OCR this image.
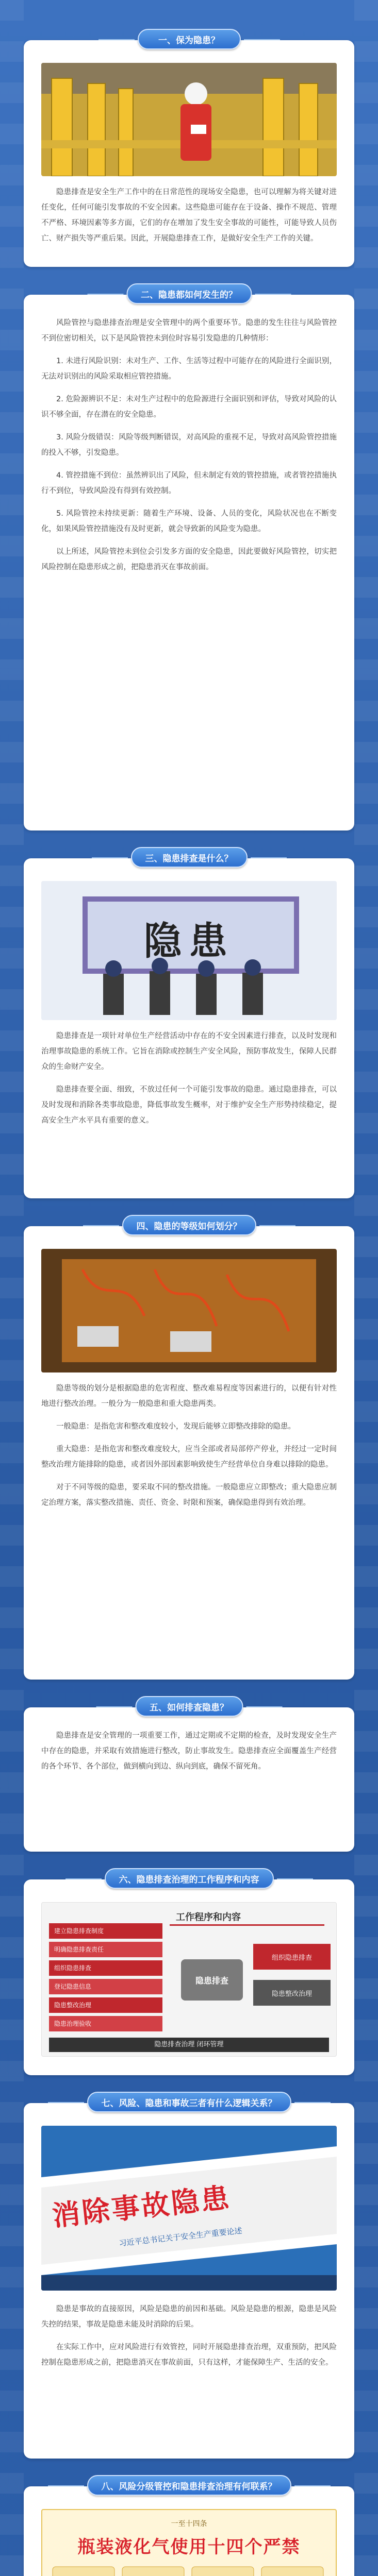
一、保为隐患？

隐患排查是安全生产工作中的在日常范性的现场安全隐患，也可以理解为将关键对进任变化，任何可能引发事故的不安全因素。这些隐患可能存在于设备、操作不规范、管理不严格、环境因素等多方面，它们的存在增加了发生安全事故的可能性，可能导致人员伤亡、财产损失等严重后果。因此，开展隐患排查工作，是做好安全生产工作的关键。

二、隐患都如何发生的？

风险管控与隐患排查治理是安全管理中的两个重要环节。隐患的发生往往与风险管控不到位密切相关，以下是风险管控未到位时容易引发隐患的几种情形：

1. 未进行风险识别：未对生产、工作、生活等过程中可能存在的风险进行全面识别，无法对识别出的风险采取相应管控措施。

2. 危险源辨识不足：未对生产过程中的危险源进行全面识别和评估，导致对风险的认识不够全面，存在潜在的安全隐患。

3. 风险分级错误：风险等级判断错误，对高风险的重视不足，导致对高风险管控措施的投入不够，引发隐患。

4. 管控措施不到位：虽然辨识出了风险，但未制定有效的管控措施，或者管控措施执行不到位，导致风险没有得到有效控制。

5. 风险管控未持续更新：随着生产环境、设备、人员的变化，风险状况也在不断变化，如果风险管控措施没有及时更新，就会导致新的风险变为隐患。

以上所述，风险管控未到位会引发多方面的安全隐患，因此要做好风险管控，切实把风险控制在隐患形成之前，把隐患消灭在事故前面。

三、隐患排查是什么？
隐患

隐患排查是一项针对单位生产经营活动中存在的不安全因素进行排查，以及时发现和治理事故隐患的系统工作。它旨在消除或控制生产安全风险，预防事故发生，保障人民群众的生命财产安全。

隐患排查要全面、细致，不放过任何一个可能引发事故的隐患。通过隐患排查，可以及时发现和消除各类事故隐患，降低事故发生概率，对于维护安全生产形势持续稳定，提高安全生产水平具有重要的意义。

四、隐患的等级如何划分？

隐患等级的划分是根据隐患的危害程度、整改难易程度等因素进行的，以便有针对性地进行整改治理。一般分为一般隐患和重大隐患两类。

一般隐患：是指危害和整改难度较小，发现后能够立即整改排除的隐患。

重大隐患：是指危害和整改难度较大，应当全部或者局部停产停业，并经过一定时间整改治理方能排除的隐患，或者因外部因素影响致使生产经营单位自身难以排除的隐患。

对于不同等级的隐患，要采取不同的整改措施。一般隐患应立即整改；重大隐患应制定治理方案，落实整改措施、责任、资金、时限和预案，确保隐患得到有效治理。

五、如何排查隐患？

隐患排查是安全管理的一项重要工作，通过定期或不定期的检查，及时发现安全生产中存在的隐患，并采取有效措施进行整改，防止事故发生。隐患排查应全面覆盖生产经营的各个环节、各个部位，做到横向到边、纵向到底，确保不留死角。

六、隐患排查治理的工作程序和内容
工作程序和内容
建立隐患排查制度
明确隐患排查责任
组织隐患排查
登记隐患信息
隐患整改治理
隐患治理验收
隐患排查
组织隐患排查
隐患整改治理
隐患排查治理 闭环管理
七、风险、隐患和事故三者有什么逻辑关系？
消除事故隐患
习近平总书记关于安全生产重要论述

隐患是事故的直接原因，风险是隐患的前因和基础。风险是隐患的根源，隐患是风险失控的结果，事故是隐患未能及时消除的后果。

在实际工作中，应对风险进行有效管控，同时开展隐患排查治理，双重预防，把风险控制在隐患形成之前，把隐患消灭在事故前面，只有这样，才能保障生产、生活的安全。

八、风险分级管控和隐患排查治理有何联系？
一至十四条
瓶装液化气使用十四个严禁
